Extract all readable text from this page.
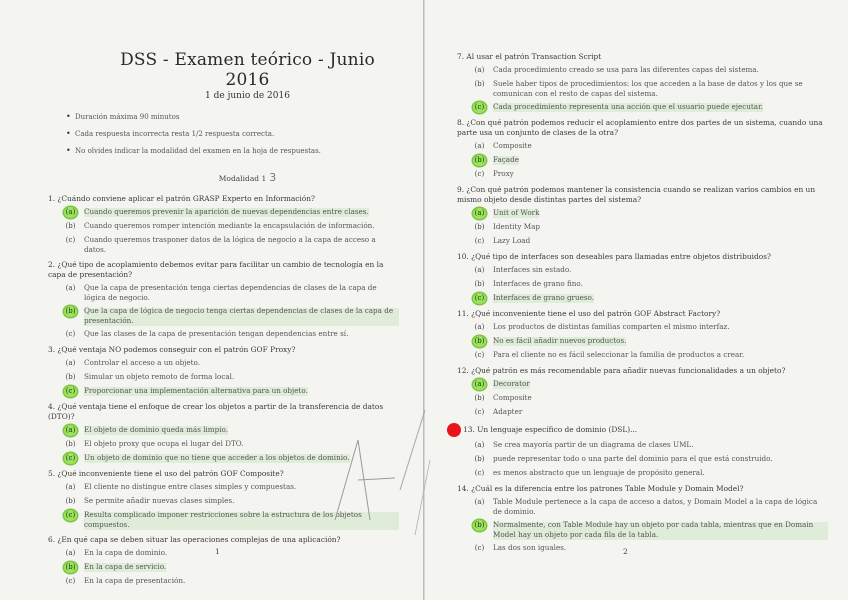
DSS - Examen teórico - Junio 2016
1 de junio de 2016
• Duración máxima 90 minutos
• Cada respuesta incorrecta resta 1/2 respuesta correcta.
• No olvides indicar la modalidad del examen en la hoja de respuestas.
Modalidad 1 3
1. ¿Cuándo conviene aplicar el patrón GRASP Experto en Información?
(a) Cuando queremos prevenir la aparición de nuevas dependencias entre clases.
(b) Cuando queremos romper intención mediante la encapsulación de información.
(c) Cuando queremos trasponer datos de la lógica de negocio a la capa de acceso a datos.
2. ¿Qué tipo de acoplamiento debemos evitar para facilitar un cambio de tecnología en la capa de presentación?
(a) Que la capa de presentación tenga ciertas dependencias de clases de la capa de lógica de negocio.
(b) Que la capa de lógica de negocio tenga ciertas dependencias de clases de la capa de presentación.
(c) Que las clases de la capa de presentación tengan dependencias entre sí.
3. ¿Qué ventaja NO podemos conseguir con el patrón GOF Proxy?
(a) Controlar el acceso a un objeto.
(b) Simular un objeto remoto de forma local.
(c) Proporcionar una implementación alternativa para un objeto.
4. ¿Qué ventaja tiene el enfoque de crear los objetos a partir de la transferencia de datos (DTO)?
(a) El objeto de dominio queda más limpio.
(b) El objeto proxy que ocupa el lugar del DTO.
(c) Un objeto de dominio que no tiene que acceder a los objetos de dominio.
5. ¿Qué inconveniente tiene el uso del patrón GOF Composite?
(a) El cliente no distingue entre clases simples y compuestas.
(b) Se permite añadir nuevas clases simples.
(c) Resulta complicado imponer restricciones sobre la estructura de los objetos compuestos.
6. ¿En qué capa se deben situar las operaciones complejas de una aplicación?
(a) En la capa de dominio.
(b) En la capa de servicio.
(c) En la capa de presentación.
1
7. Al usar el patrón Transaction Script
(a) Cada procedimiento creado se usa para las diferentes capas del sistema.
(b) Suele haber tipos de procedimientos: los que acceden a la base de datos y los que se comunican con el resto de capas del sistema.
(c) Cada procedimiento representa una acción que el usuario puede ejecutar.
8. ¿Con qué patrón podemos reducir el acoplamiento entre dos partes de un sistema, cuando una parte usa un conjunto de clases de la otra?
(a) Composite
(b) Façade
(c) Proxy
9. ¿Con qué patrón podemos mantener la consistencia cuando se realizan varios cambios en un mismo objeto desde distintas partes del sistema?
(a) Unit of Work
(b) Identity Map
(c) Lazy Load
10. ¿Qué tipo de interfaces son deseables para llamadas entre objetos distribuidos?
(a) Interfaces sin estado.
(b) Interfaces de grano fino.
(c) Interfaces de grano grueso.
11. ¿Qué inconveniente tiene el uso del patrón GOF Abstract Factory?
(a) Los productos de distintas familias comparten el mismo interfaz.
(b) No es fácil añadir nuevos productos.
(c) Para el cliente no es fácil seleccionar la familia de productos a crear.
12. ¿Qué patrón es más recomendable para añadir nuevas funcionalidades a un objeto?
(a) Decorator
(b) Composite
(c) Adapter
13. Un lenguaje específico de dominio (DSL)...
(a) Se crea mayoría partir de un diagrama de clases UML.
(b) puede representar todo o una parte del dominio para el que está construido.
(c) es menos abstracto que un lenguaje de propósito general.
14. ¿Cuál es la diferencia entre los patrones Table Module y Domain Model?
(a) Table Module pertenece a la capa de acceso a datos, y Domain Model a la capa de lógica de dominio.
(b) Normalmente, con Table Module hay un objeto por cada tabla, mientras que en Domain Model hay un objeto por cada fila de la tabla.
(c) Las dos son iguales.	2
